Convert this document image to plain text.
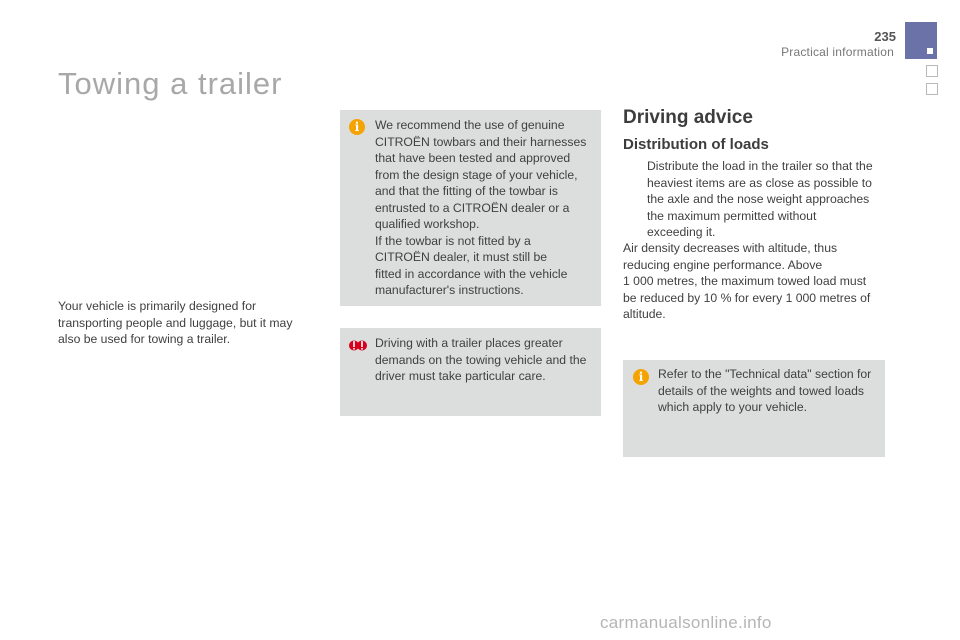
235
Practical information
Towing a trailer
Your vehicle is primarily designed for transporting people and luggage, but it may also be used for towing a trailer.
i	We recommend the use of genuine
CITROËN towbars and their harnesses
that have been tested and approved
from the design stage of your vehicle,
and that the fitting of the towbar is
entrusted to a CITROËN dealer or a
qualified workshop.
If the towbar is not fitted by a
CITROËN dealer, it must still be
fitted in accordance with the vehicle
manufacturer's instructions.
Driving with a trailer places greater
demands on the towing vehicle and the
driver must take particular care.
Driving advice
Distribution of loads
Distribute the load in the trailer so that the
heaviest items are as close as possible to
the axle and the nose weight approaches
the maximum permitted without
exceeding it.
Air density decreases with altitude, thus
reducing engine performance. Above
1 000 metres, the maximum towed load must
be reduced by 10 % for every 1 000 metres of
altitude.
i	Refer to the "Technical data" section for
details of the weights and towed loads
which apply to your vehicle.
carmanualsonline.info
